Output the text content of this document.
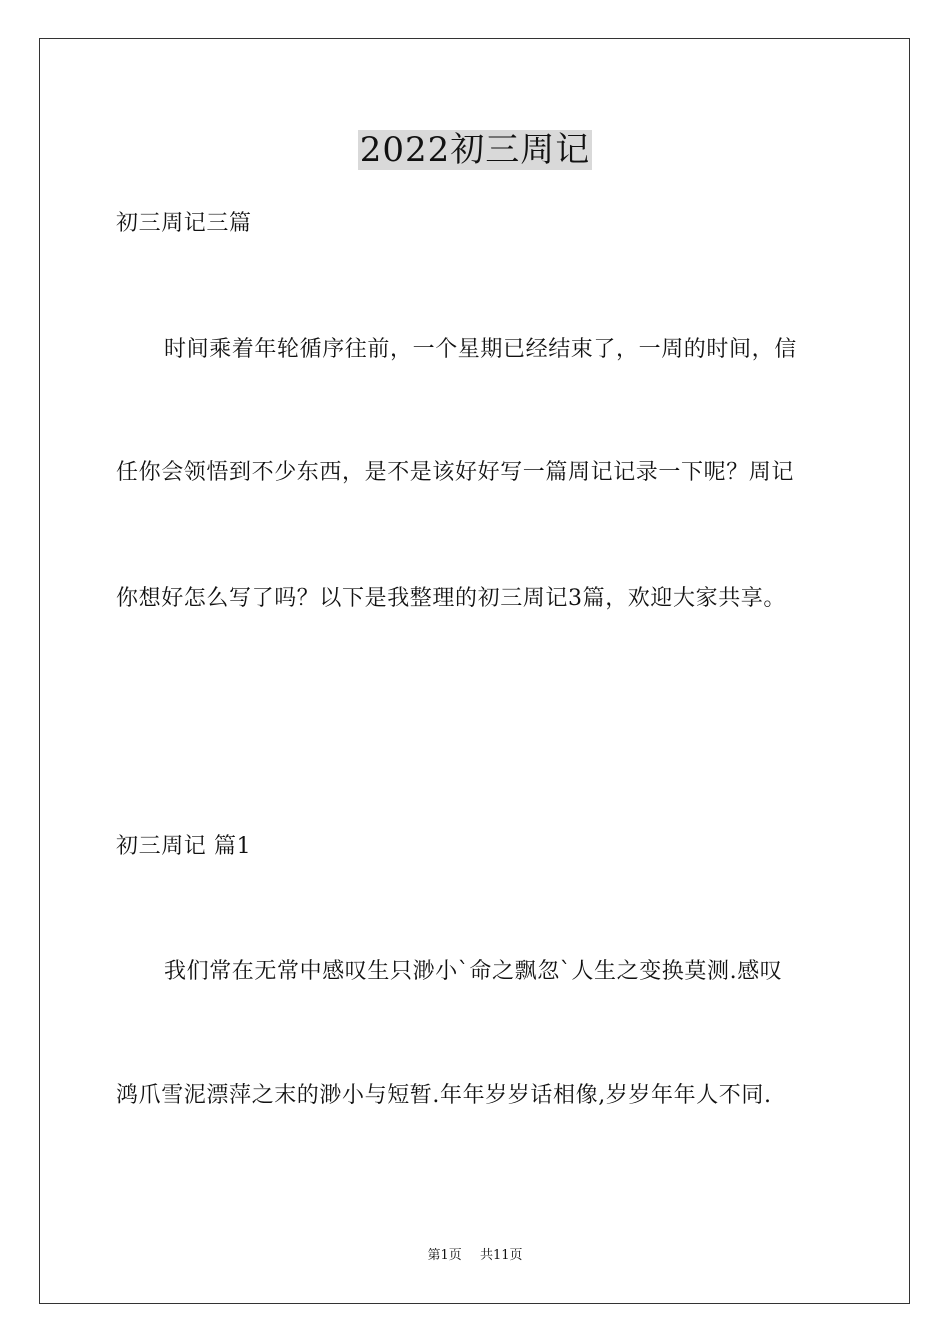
2022初三周记
初三周记三篇
时间乘着年轮循序往前，一个星期已经结束了，一周的时间，信
任你会领悟到不少东西，是不是该好好写一篇周记记录一下呢？周记
你想好怎么写了吗？以下是我整理的初三周记3篇，欢迎大家共享。
初三周记 篇1
我们常在无常中感叹生只渺小`命之飘忽`人生之变换莫测.感叹
鸿爪雪泥漂萍之末的渺小与短暂.年年岁岁话相像,岁岁年年人不同.
第1页 共11页
